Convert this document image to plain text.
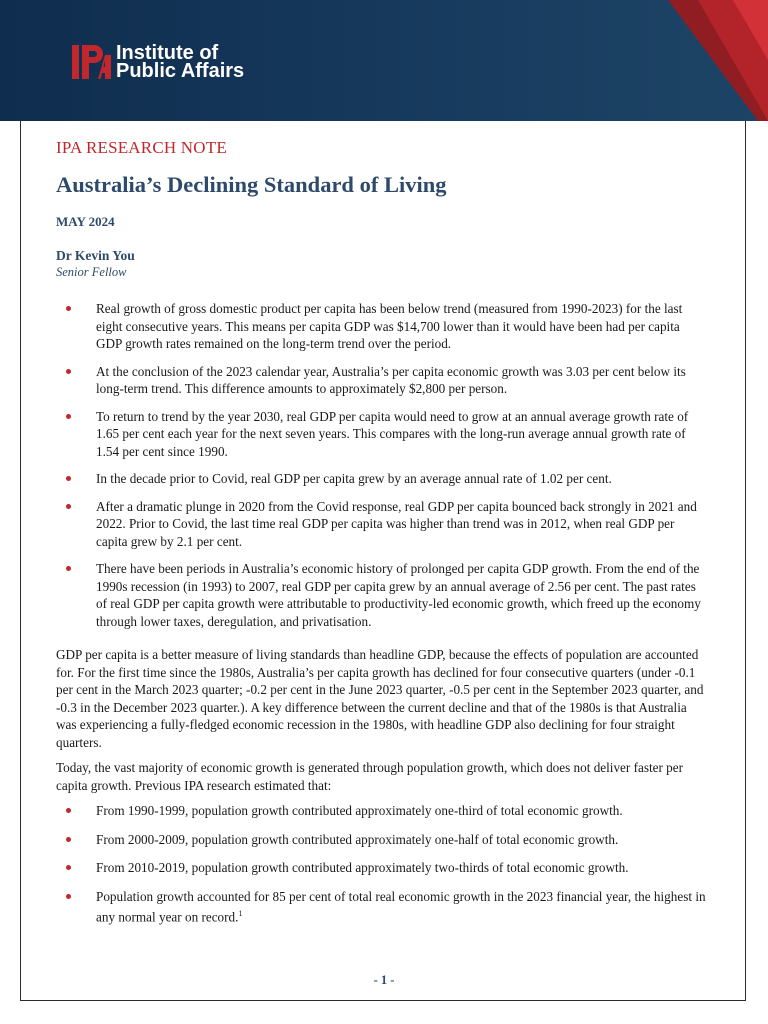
Institute of
Public Affairs
IPA RESEARCH NOTE
Australia’s Declining Standard of Living
MAY 2024
Dr Kevin You
Senior Fellow
Real growth of gross domestic product per capita has been below trend (measured from 1990-2023) for the last eight consecutive years. This means per capita GDP was $14,700 lower than it would have been had per capita GDP growth rates remained on the long-term trend over the period.
At the conclusion of the 2023 calendar year, Australia’s per capita economic growth was 3.03 per cent below its long-term trend. This difference amounts to approximately $2,800 per person.
To return to trend by the year 2030, real GDP per capita would need to grow at an annual average growth rate of 1.65 per cent each year for the next seven years. This compares with the long-run average annual growth rate of 1.54 per cent since 1990.
In the decade prior to Covid, real GDP per capita grew by an average annual rate of 1.02 per cent.
After a dramatic plunge in 2020 from the Covid response, real GDP per capita bounced back strongly in 2021 and 2022. Prior to Covid, the last time real GDP per capita was higher than trend was in 2012, when real GDP per capita grew by 2.1 per cent.
There have been periods in Australia’s economic history of prolonged per capita GDP growth. From the end of the 1990s recession (in 1993) to 2007, real GDP per capita grew by an annual average of 2.56 per cent. The past rates of real GDP per capita growth were attributable to productivity-led economic growth, which freed up the economy through lower taxes, deregulation, and privatisation.

GDP per capita is a better measure of living standards than headline GDP, because the effects of population are accounted for. For the first time since the 1980s, Australia’s per capita growth has declined for four consecutive quarters (under -0.1 per cent in the March 2023 quarter; -0.2 per cent in the June 2023 quarter, -0.5 per cent in the September 2023 quarter, and -0.3 in the December 2023 quarter.). A key difference between the current decline and that of the 1980s is that Australia was experiencing a fully-fledged economic recession in the 1980s, with headline GDP also declining for four straight quarters.

Today, the vast majority of economic growth is generated through population growth, which does not deliver faster per capita growth. Previous IPA research estimated that:

From 1990-1999, population growth contributed approximately one-third of total economic growth.
From 2000-2009, population growth contributed approximately one-half of total economic growth.
From 2010-2019, population growth contributed approximately two-thirds of total economic growth.
Population growth accounted for 85 per cent of total real economic growth in the 2023 financial year, the highest in any normal year on record.$^1$
- 1 -
